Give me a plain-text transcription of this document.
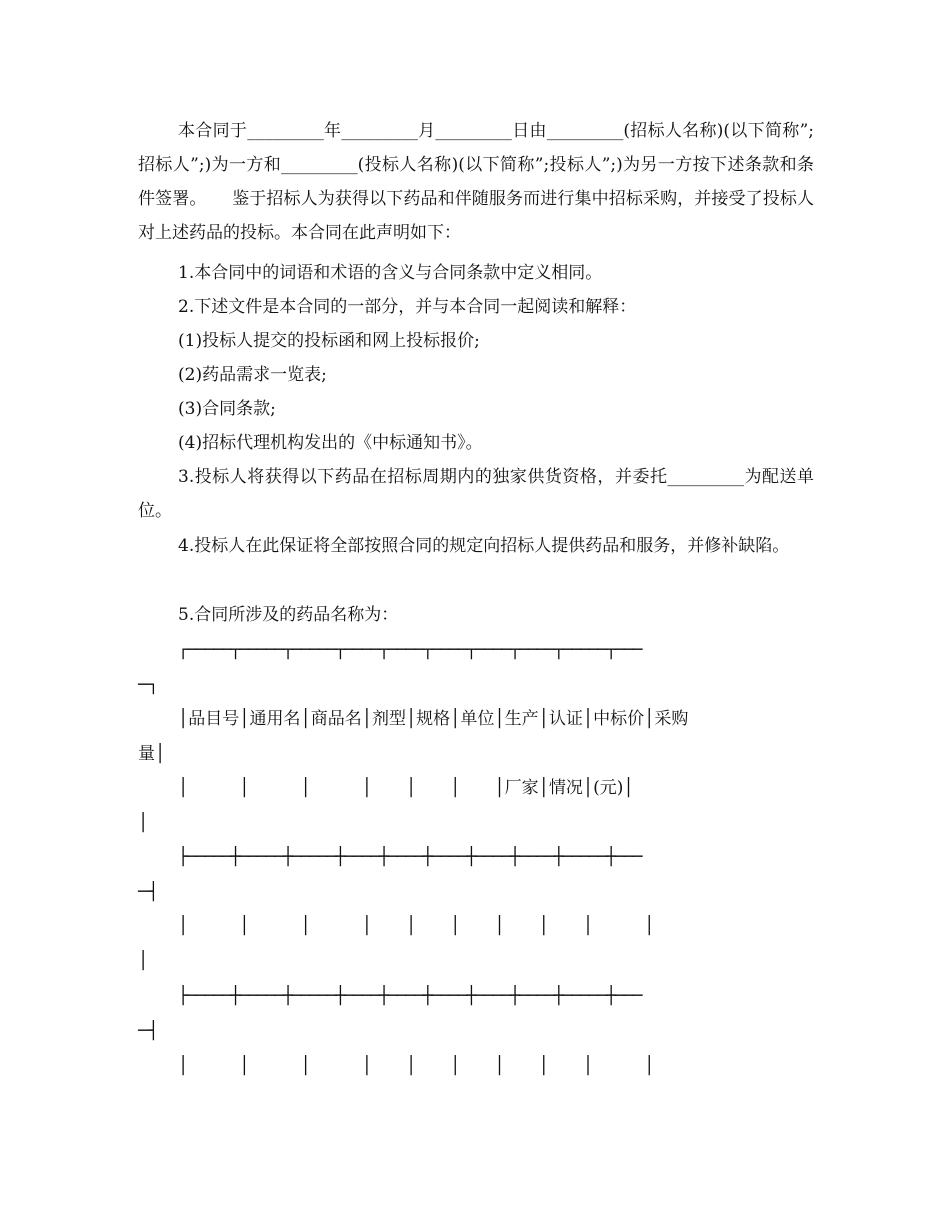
本合同于_________年_________月_________日由_________(招标人名称)(以下简称”;招标人”;)为一方和_________(投标人名称)(以下简称”;投标人”;)为另一方按下述条款和条件签署。　　鉴于招标人为获得以下药品和伴随服务而进行集中招标采购，并接受了投标人对上述药品的投标。本合同在此声明如下：

1.本合同中的词语和术语的含义与合同条款中定义相同。

2.下述文件是本合同的一部分，并与本合同一起阅读和解释：

(1)投标人提交的投标函和网上投标报价;

(2)药品需求一览表;

(3)合同条款;

(4)招标代理机构发出的《中标通知书》。

3.投标人将获得以下药品在招标周期内的独家供货资格，并委托_________为配送单位。

4.投标人在此保证将全部按照合同的规定向招标人提供药品和服务，并修补缺陷。

5.合同所涉及的药品名称为：

┌─────┬─────┬─────┬────┬────┬────┬────┬────┬─────┬───

─┐

│品目号│通用名│商品名│剂型│规格│单位│生产│认证│中标价│采购

量│

│　　　│　　　│　　　│　　│　　│　　│厂家│情况│(元)│

│

├─────┼─────┼─────┼────┼────┼────┼────┼────┼─────┼───

─┤

│　　　│　　　│　　　│　　│　　│　　│　　│　　│　　　│

│

├─────┼─────┼─────┼────┼────┼────┼────┼────┼─────┼───

─┤

│　　　│　　　│　　　│　　│　　│　　│　　│　　│　　　│
